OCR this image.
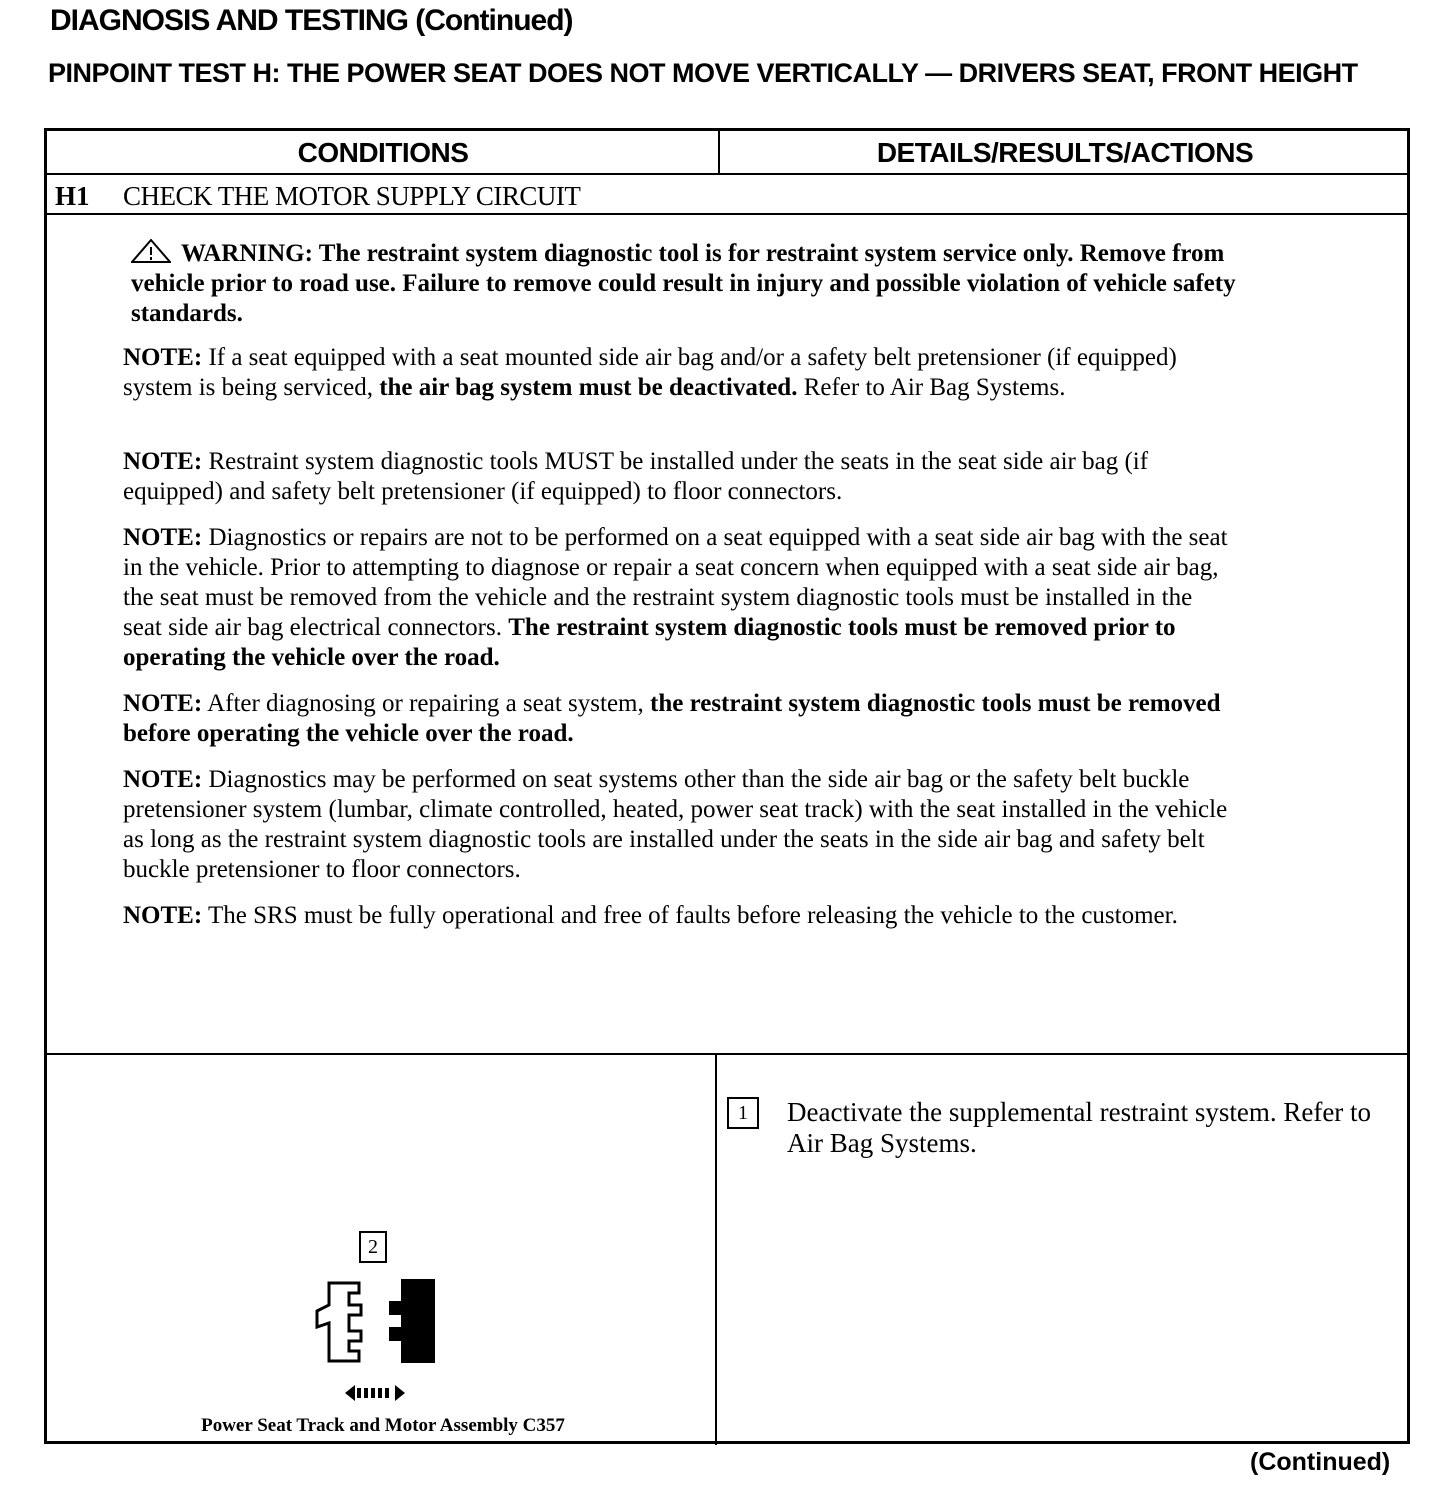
DIAGNOSIS AND TESTING (Continued)
PINPOINT TEST H: THE POWER SEAT DOES NOT MOVE VERTICALLY — DRIVERS SEAT, FRONT HEIGHT
CONDITIONS	DETAILS/RESULTS/ACTIONS
H1 CHECK THE MOTOR SUPPLY CIRCUIT
WARNING: The restraint system diagnostic tool is for restraint system service only. Remove from vehicle prior to road use. Failure to remove could result in injury and possible violation of vehicle safety standards.
NOTE: If a seat equipped with a seat mounted side air bag and/or a safety belt pretensioner (if equipped) system is being serviced, the air bag system must be deactivated. Refer to Air Bag Systems.
NOTE: Restraint system diagnostic tools MUST be installed under the seats in the seat side air bag (if equipped) and safety belt pretensioner (if equipped) to floor connectors.
NOTE: Diagnostics or repairs are not to be performed on a seat equipped with a seat side air bag with the seat in the vehicle. Prior to attempting to diagnose or repair a seat concern when equipped with a seat side air bag, the seat must be removed from the vehicle and the restraint system diagnostic tools must be installed in the seat side air bag electrical connectors. The restraint system diagnostic tools must be removed prior to operating the vehicle over the road.
NOTE: After diagnosing or repairing a seat system, the restraint system diagnostic tools must be removed before operating the vehicle over the road.
NOTE: Diagnostics may be performed on seat systems other than the side air bag or the safety belt buckle pretensioner system (lumbar, climate controlled, heated, power seat track) with the seat installed in the vehicle as long as the restraint system diagnostic tools are installed under the seats in the side air bag and safety belt buckle pretensioner to floor connectors.
NOTE: The SRS must be fully operational and free of faults before releasing the vehicle to the customer.
2
Power Seat Track and Motor Assembly C357
1	Deactivate the supplemental restraint system. Refer to Air Bag Systems.
(Continued)
